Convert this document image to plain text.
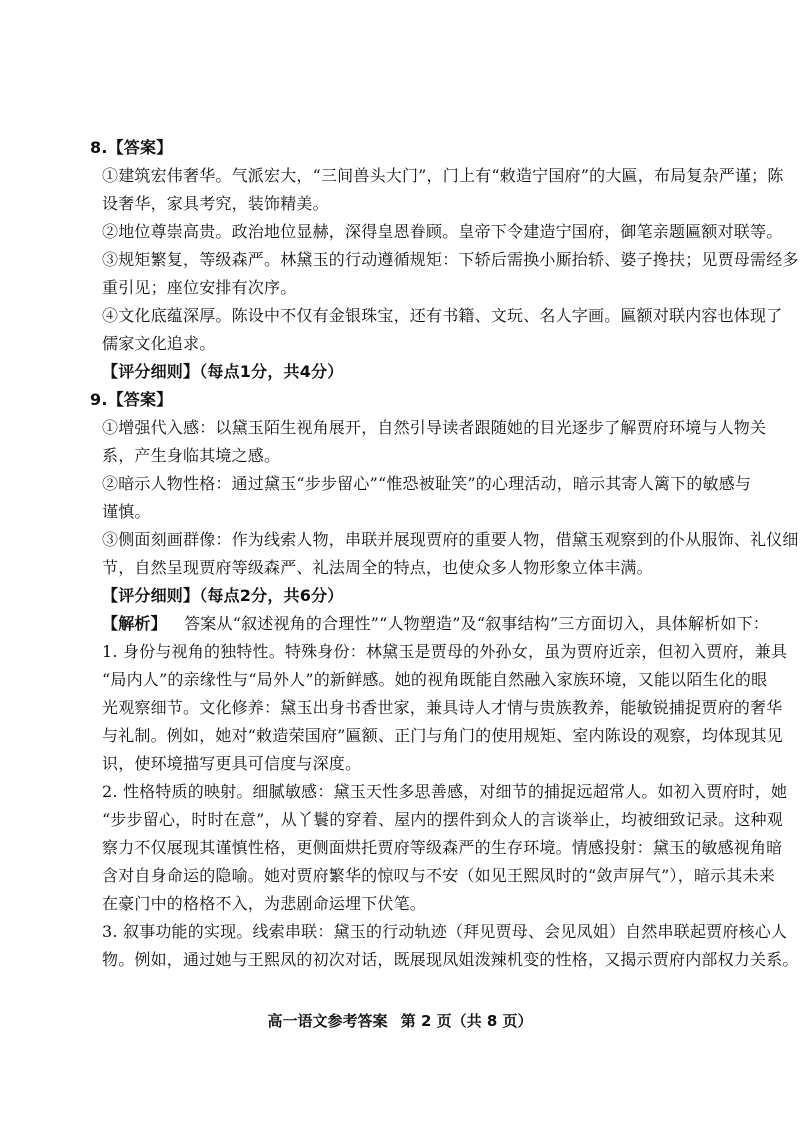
8.【答案】
①建筑宏伟奢华。气派宏大，“三间兽头大门”，门上有“敕造宁国府”的大匾，布局复杂严谨；陈
设奢华，家具考究，装饰精美。
②地位尊崇高贵。政治地位显赫，深得皇恩眷顾。皇帝下令建造宁国府，御笔亲题匾额对联等。
③规矩繁复，等级森严。林黛玉的行动遵循规矩：下轿后需换小厮抬轿、婆子搀扶；见贾母需经多
重引见；座位安排有次序。
④文化底蕴深厚。陈设中不仅有金银珠宝，还有书籍、文玩、名人字画。匾额对联内容也体现了
儒家文化追求。
【评分细则】（每点1分，共4分）
9.【答案】
①增强代入感：以黛玉陌生视角展开，自然引导读者跟随她的目光逐步了解贾府环境与人物关
系，产生身临其境之感。
②暗示人物性格：通过黛玉“步步留心”“惟恐被耻笑”的心理活动，暗示其寄人篱下的敏感与
谨慎。
③侧面刻画群像：作为线索人物，串联并展现贾府的重要人物，借黛玉观察到的仆从服饰、礼仪细
节，自然呈现贾府等级森严、礼法周全的特点，也使众多人物形象立体丰满。
【评分细则】（每点2分，共6分）
【解析】 答案从“叙述视角的合理性”“人物塑造”及“叙事结构”三方面切入，具体解析如下：
1. 身份与视角的独特性。特殊身份：林黛玉是贾母的外孙女，虽为贾府近亲，但初入贾府，兼具
“局内人”的亲缘性与“局外人”的新鲜感。她的视角既能自然融入家族环境，又能以陌生化的眼
光观察细节。文化修养：黛玉出身书香世家，兼具诗人才情与贵族教养，能敏锐捕捉贾府的奢华
与礼制。例如，她对“敕造荣国府”匾额、正门与角门的使用规矩、室内陈设的观察，均体现其见
识，使环境描写更具可信度与深度。
2. 性格特质的映射。细腻敏感：黛玉天性多思善感，对细节的捕捉远超常人。如初入贾府时，她
“步步留心，时时在意”，从丫鬟的穿着、屋内的摆件到众人的言谈举止，均被细致记录。这种观
察力不仅展现其谨慎性格，更侧面烘托贾府等级森严的生存环境。情感投射：黛玉的敏感视角暗
含对自身命运的隐喻。她对贾府繁华的惊叹与不安（如见王熙凤时的“敛声屏气”），暗示其未来
在豪门中的格格不入，为悲剧命运埋下伏笔。
3. 叙事功能的实现。线索串联：黛玉的行动轨迹（拜见贾母、会见凤姐）自然串联起贾府核心人
物。例如，通过她与王熙凤的初次对话，既展现凤姐泼辣机变的性格，又揭示贾府内部权力关系。
高一语文参考答案 第 2 页（共 8 页）
